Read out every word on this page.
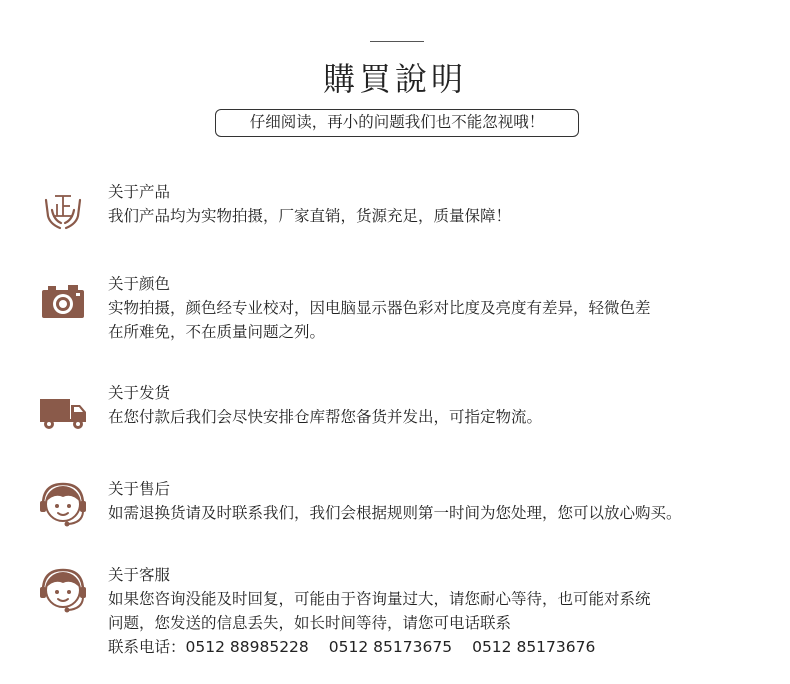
購買說明
仔细阅读，再小的问题我们也不能忽视哦！
关于产品
我们产品均为实物拍摄，厂家直销，货源充足，质量保障！
关于颜色
实物拍摄，颜色经专业校对，因电脑显示器色彩对比度及亮度有差异，轻微色差
在所难免，不在质量问题之列。
关于发货
在您付款后我们会尽快安排仓库帮您备货并发出，可指定物流。
关于售后
如需退换货请及时联系我们，我们会根据规则第一时间为您处理，您可以放心购买。
关于客服
如果您咨询没能及时回复，可能由于咨询量过大，请您耐心等待，也可能对系统
问题，您发送的信息丢失，如长时间等待，请您可电话联系
联系电话：0512 88985228 0512 85173675 0512 85173676
